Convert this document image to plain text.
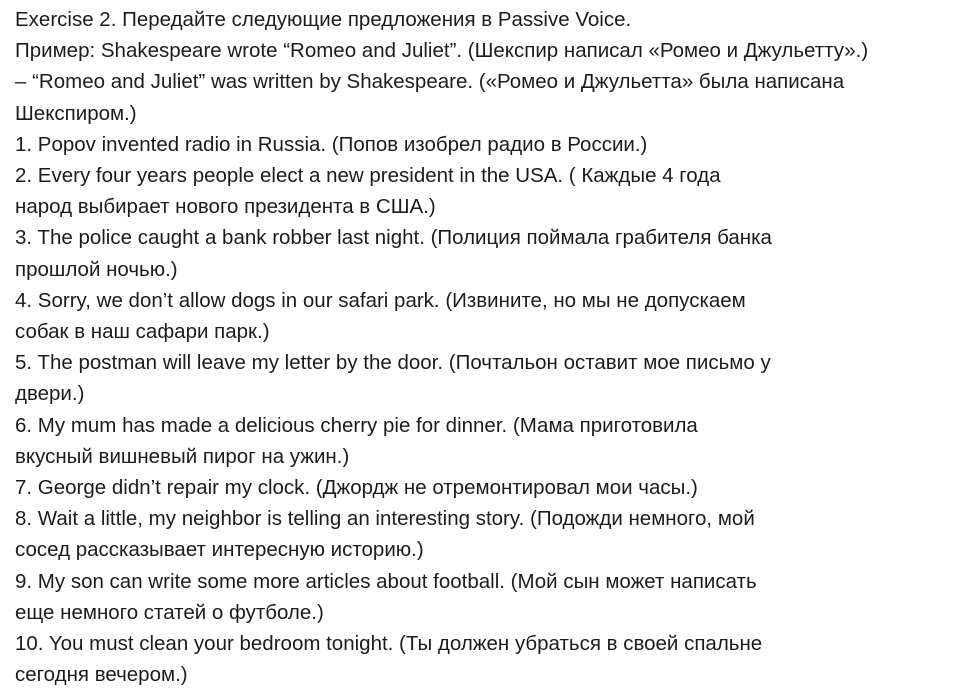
Exercise 2. Передайте следующие предложения в Passive Voice.
Пример: Shakespeare wrote “Romeo and Juliet”. (Шекспир написал «Ромео и Джульетту».)
– “Romeo and Juliet” was written by Shakespeare. («Ромео и Джульетта» была написана
Шекспиром.)
1. Popov invented radio in Russia. (Попов изобрел радио в России.)
2. Every four years people elect a new president in the USA. ( Каждые 4 года
народ выбирает нового президента в США.)
3. The police caught a bank robber last night. (Полиция поймала грабителя банка
прошлой ночью.)
4. Sorry, we don’t allow dogs in our safari park. (Извините, но мы не допускаем
собак в наш сафари парк.)
5. The postman will leave my letter by the door. (Почтальон оставит мое письмо у
двери.)
6. My mum has made a delicious cherry pie for dinner. (Мама приготовила
вкусный вишневый пирог на ужин.)
7. George didn’t repair my clock. (Джордж не отремонтировал мои часы.)
8. Wait a little, my neighbor is telling an interesting story. (Подожди немного, мой
сосед рассказывает интересную историю.)
9. My son can write some more articles about football. (Мой сын может написать
еще немного статей о футболе.)
10. You must clean your bedroom tonight. (Ты должен убраться в своей спальне
сегодня вечером.)
